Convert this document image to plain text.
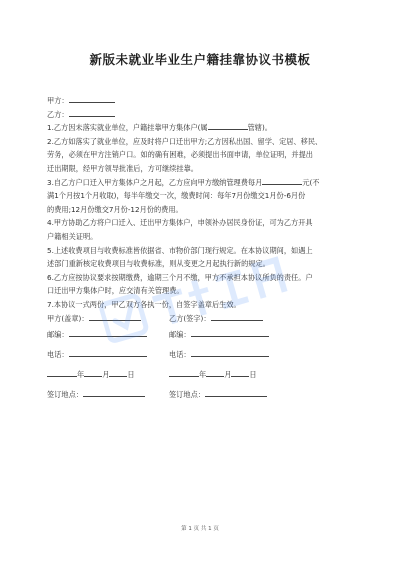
新版未就业毕业生户籍挂靠协议书模板
甲方：
乙方：
1.乙方因未落实就业单位，户籍挂靠甲方集体户(属	管辖)。
2.乙方如落实了就业单位，应及时将户口迁出甲方;乙方因私出国、留学、定居、移民、
劳务，必须在甲方注销户口。如的确有困难，必须提出书面申请，单位证明，并提出
迁出期限，经甲方领导批准后，方可继续挂靠。
3.自乙方户口迁入甲方集体户之月起，乙方应向甲方缴纳管理费每月	元(不
满1个月按1个月收取)，每半年缴交一次，缴费时间：每年7月份缴交1月份-6月份
的费用;12月份缴交7月份-12月份的费用。
4.甲方协助乙方将户口迁入、迁出甲方集体户，申领补办居民身份证，可为乙方开具
户籍相关证明。
5.上述收费项目与收费标准皆依据省、市物价部门现行规定。在本协议期间，如遇上
述部门重新核定收费项目与收费标准，则从变更之月起执行新的规定。
6.乙方应按协议要求按期缴费，逾期三个月不缴，甲方不承担本协议所负的责任。户
口迁出甲方集体户时，应交清有关管理费。
7.本协议一式两份，甲乙双方各执一份，自签字盖章后生效。
甲方(盖章)：	乙方(签字)：
邮编：	邮编：
电话：	电话：
年	月	日	年	月	日
签订地点：	签订地点：
第 1 页 共 1 页
